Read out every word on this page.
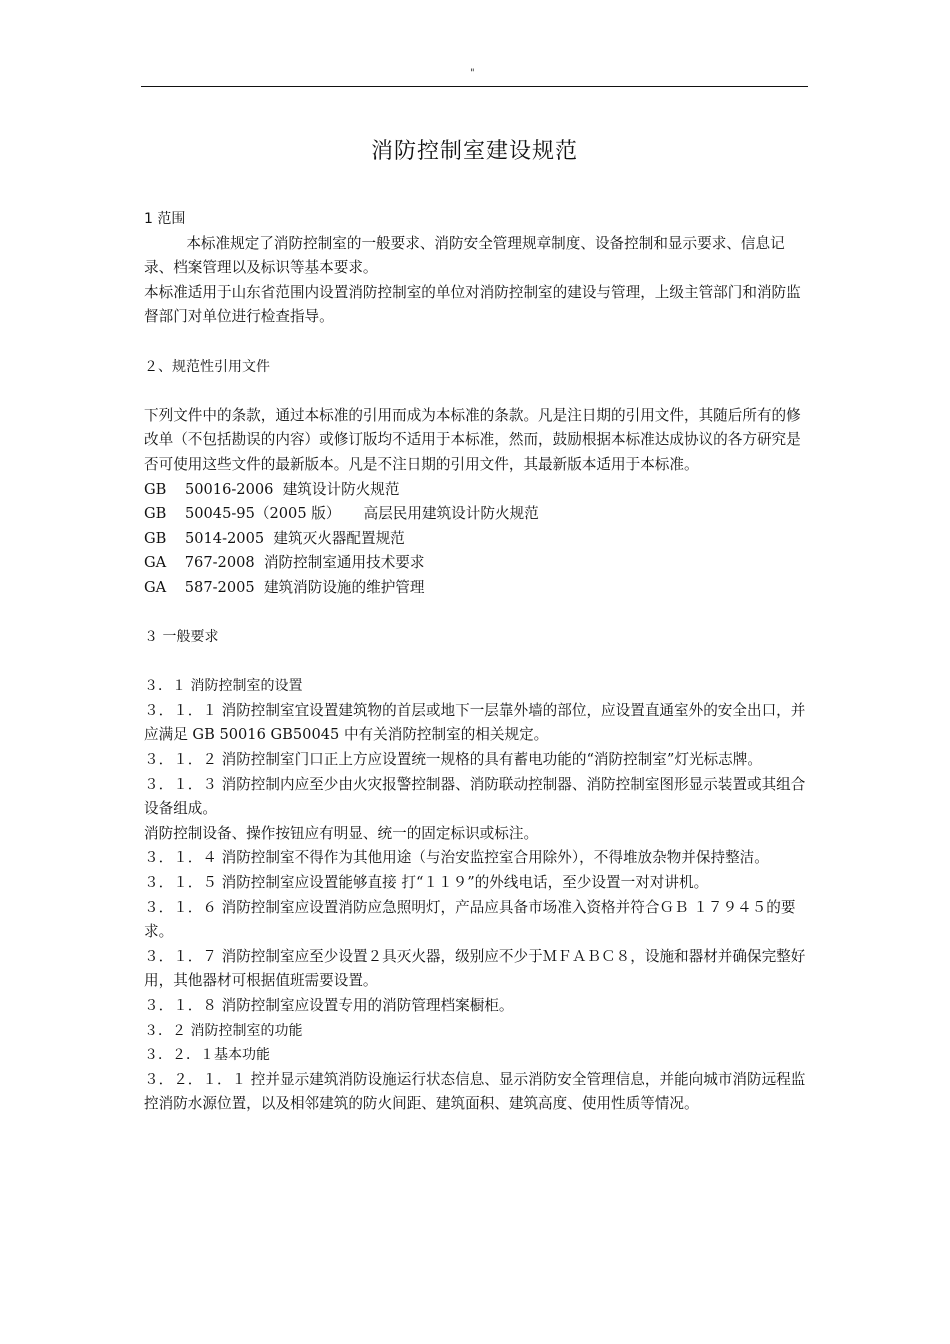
"
消防控制室建设规范

1 范围

本标准规定了消防控制室的一般要求、消防安全管理规章制度、设备控制和显示要求、信息记录、档案管理以及标识等基本要求。

本标准适用于山东省范围内设置消防控制室的单位对消防控制室的建设与管理，上级主管部门和消防监督部门对单位进行检查指导。

２、规范性引用文件

下列文件中的条款，通过本标准的引用而成为本标准的条款。凡是注日期的引用文件，其随后所有的修改单（不包括勘误的内容）或修订版均不适用于本标准，然而，鼓励根据本标准达成协议的各方研究是否可使用这些文件的最新版本。凡是不注日期的引用文件，其最新版本适用于本标准。

GB    50016-2006  建筑设计防火规范

GB    50045-95（2005 版）     高层民用建筑设计防火规范

GB    5014-2005  建筑灭火器配置规范

GA    767-2008  消防控制室通用技术要求

GA    587-2005  建筑消防设施的维护管理

３ 一般要求

３．１ 消防控制室的设置

３．１．１ 消防控制室宜设置建筑物的首层或地下一层靠外墙的部位，应设置直通室外的安全出口，并应满足 GB 50016 GB50045 中有关消防控制室的相关规定。

３．１．２ 消防控制室门口正上方应设置统一规格的具有蓄电功能的“消防控制室”灯光标志牌。

３．１．３ 消防控制内应至少由火灾报警控制器、消防联动控制器、消防控制室图形显示装置或其组合设备组成。

消防控制设备、操作按钮应有明显、统一的固定标识或标注。

３．１．４ 消防控制室不得作为其他用途（与治安监控室合用除外），不得堆放杂物并保持整洁。

３．１．５ 消防控制室应设置能够直接 打“１１９”的外线电话，至少设置一对对讲机。

３．１．６ 消防控制室应设置消防应急照明灯，产品应具备市场准入资格并符合ＧＢ １７９４５的要求。

３．１．７ 消防控制室应至少设置２具灭火器，级别应不少于ＭＦＡＢＣ８，设施和器材并确保完整好用，其他器材可根据值班需要设置。

３．１．８ 消防控制室应设置专用的消防管理档案橱柜。

３．２ 消防控制室的功能

３．２．１基本功能

３．２．１．１ 控并显示建筑消防设施运行状态信息、显示消防安全管理信息，并能向城市消防远程监控消防水源位置，以及相邻建筑的防火间距、建筑面积、建筑高度、使用性质等情况。
